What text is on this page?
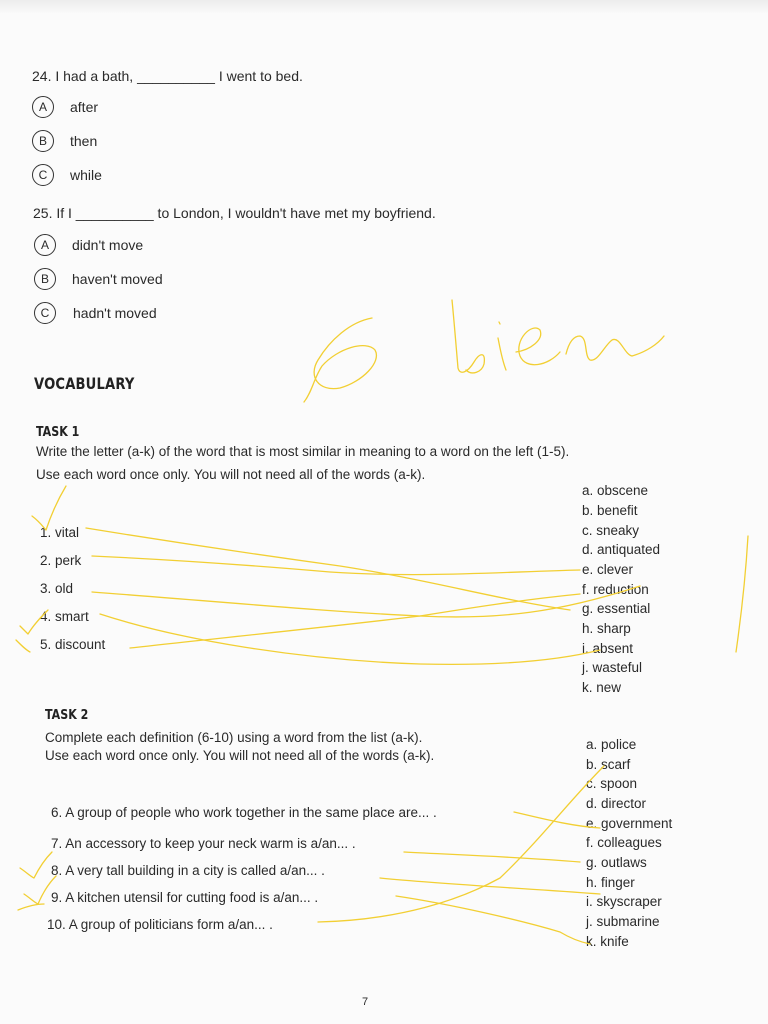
24. I had a bath, __________ I went to bed.
A	after
B	then
C	while
25. If I __________ to London, I wouldn't have met my boyfriend.
A	didn't move
B	haven't moved
C	hadn't moved
VOCABULARY
TASK 1
Write the letter (a-k) of the word that is most similar in meaning to a word on the left (1-5).
Use each word once only. You will not need all of the words (a-k).
1. vital
2. perk
3. old
4. smart
5. discount
a. obscene
b. benefit
c. sneaky
d. antiquated
e. clever
f. reduction
g. essential
h. sharp
i. absent
j. wasteful
k. new
TASK 2
Complete each definition (6-10) using a word from the list (a-k).
Use each word once only. You will not need all of the words (a-k).
6. A group of people who work together in the same place are... .
7. An accessory to keep your neck warm is a/an... .
8. A very tall building in a city is called a/an... .
9. A kitchen utensil for cutting food is a/an... .
10. A group of politicians form a/an... .
a. police
b. scarf
c. spoon
d. director
e. government
f. colleagues
g. outlaws
h. finger
i. skyscraper
j. submarine
k. knife
7
